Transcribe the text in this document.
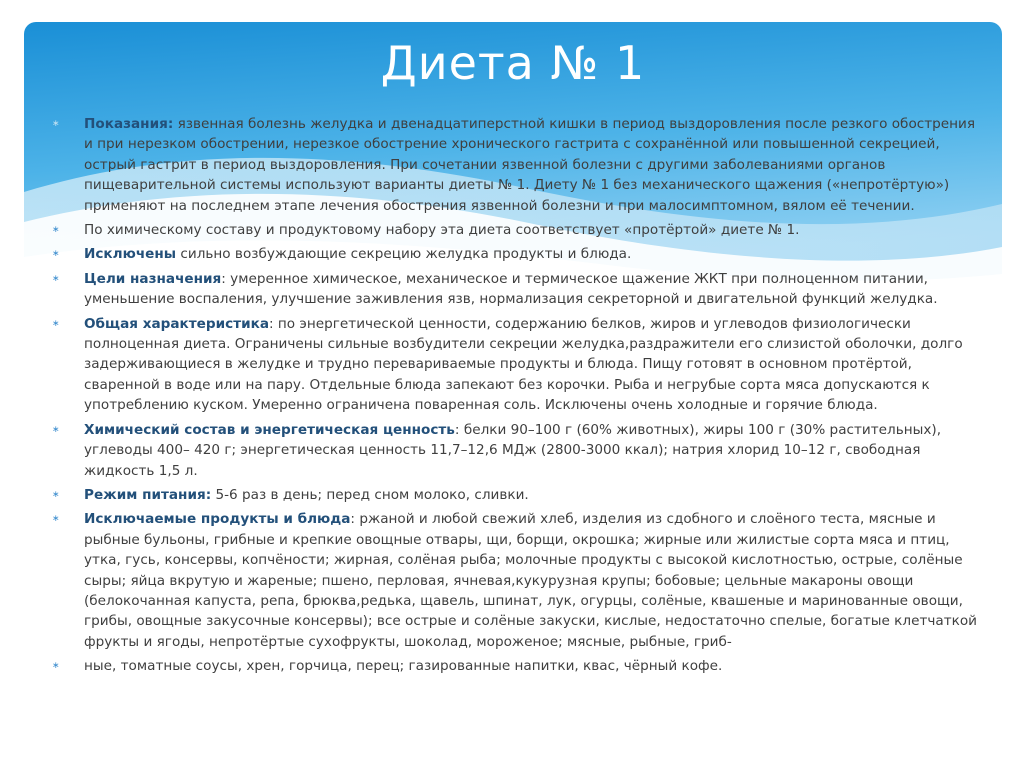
Диета № 1
∗ Показания: язвенная болезнь желудка и двенадцатиперстной кишки в период выздоровления после резкого обострения и при нерезком обострении, нерезкое обострение хронического гастрита с сохранённой или повышенной секрецией, острый гастрит в период выздоровления. При сочетании язвенной болезни с другими заболеваниями органов пищеварительной системы используют варианты диеты № 1. Диету № 1 без механического щажения («непротёртую») применяют на последнем этапе лечения обострения язвенной болезни и при малосимптомном, вялом её течении.
∗ По химическому составу и продуктовому набору эта диета соответствует «протёртой» диете № 1.
∗ Исключены сильно возбуждающие секрецию желудка продукты и блюда.
∗ Цели назначения: умеренное химическое, механическое и термическое щажение ЖКТ при полноценном питании, уменьшение воспаления, улучшение заживления язв, нормализация секреторной и двигательной функций желудка.
∗ Общая характеристика: по энергетической ценности, содержанию белков, жиров и углеводов физиологически полноценная диета. Ограничены сильные возбудители секреции желудка,раздражители его слизистой оболочки, долго задерживающиеся в желудке и трудно перевариваемые продукты и блюда. Пищу готовят в основном протёртой, сваренной в воде или на пару. Отдельные блюда запекают без корочки. Рыба и негрубые сорта мяса допускаются к употреблению куском. Умеренно ограничена поваренная соль. Исключены очень холодные и горячие блюда.
∗ Химический состав и энергетическая ценность: белки 90–100 г (60% животных), жиры 100 г (30% растительных), углеводы 400– 420 г; энергетическая ценность 11,7–12,6 МДж (2800-3000 ккал); натрия хлорид 10–12 г, свободная жидкость 1,5 л.
∗ Режим питания: 5-6 раз в день; перед сном молоко, сливки.
∗ Исключаемые продукты и блюда: ржаной и любой свежий хлеб, изделия из сдобного и слоёного теста, мясные и рыбные бульоны, грибные и крепкие овощные отвары, щи, борщи, окрошка; жирные или жилистые сорта мяса и птиц, утка, гусь, консервы, копчёности; жирная, солёная рыба; молочные продукты с высокой кислотностью, острые, солёные сыры; яйца вкрутую и жареные; пшено, перловая, ячневая,кукурузная крупы; бобовые; цельные макароны овощи (белокочанная капуста, репа, брюква,редька, щавель, шпинат, лук, огурцы, солёные, квашеные и маринованные овощи, грибы, овощные закусочные консервы); все острые и солёные закуски, кислые, недостаточно спелые, богатые клетчаткой фрукты и ягоды, непротёртые сухофрукты, шоколад, мороженое; мясные, рыбные, гриб-
∗ ные, томатные соусы, хрен, горчица, перец; газированные напитки, квас, чёрный кофе.
